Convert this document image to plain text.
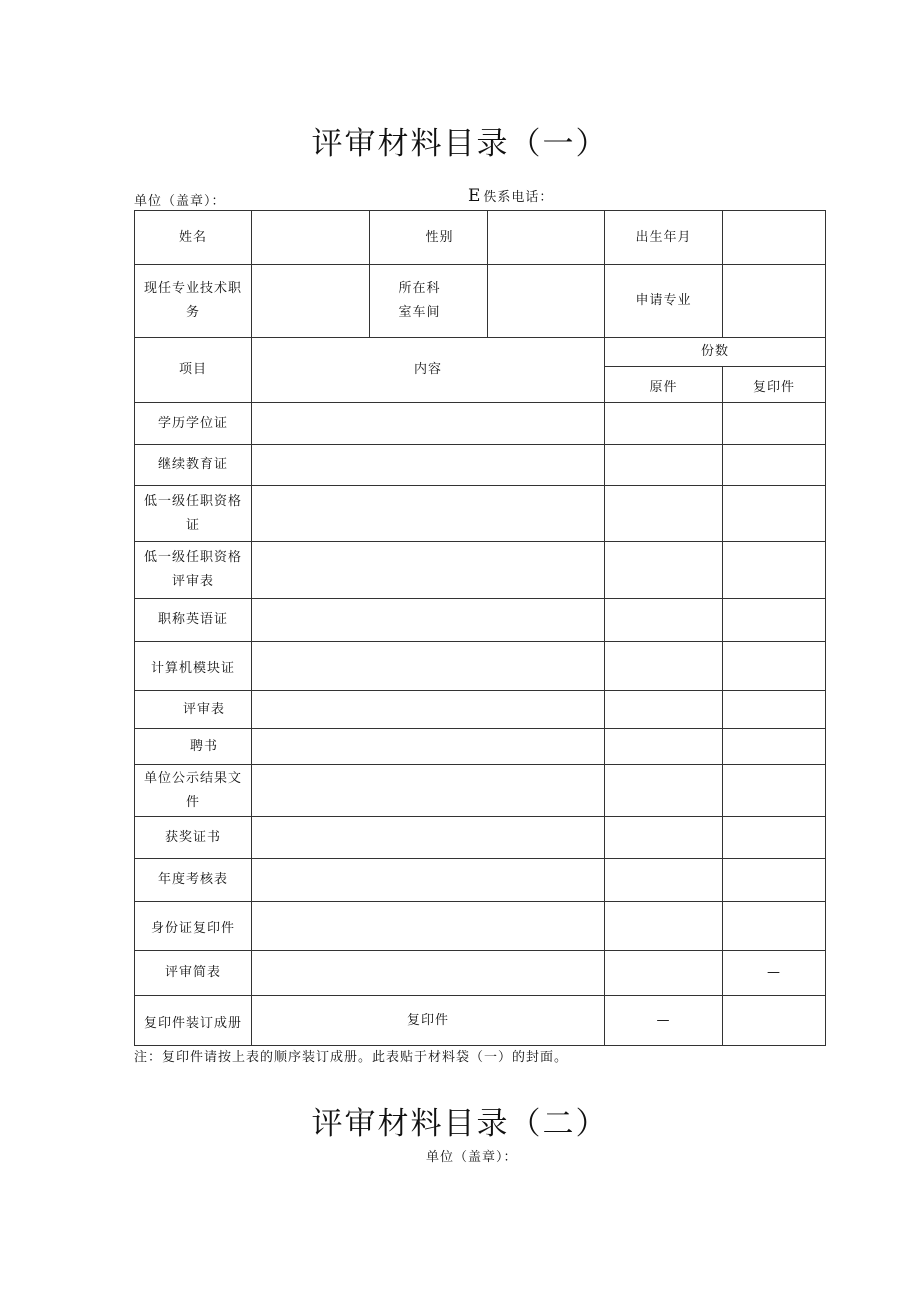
评审材料目录（一）
单位（盖章）：	E 佚系电话：
姓名		性别		出生年月	
现任专业技术职务		所在科室车间		申请专业	
项目	内容			份数	
				原件	复印件
学历学位证					
继续教育证					
低一级任职资格证					
低一级任职资格评审表					
职称英语证					
计算机模块证					
评审表					
聘书					
单位公示结果文件					
获奖证书					
年度考核表					
身份证复印件					
评审简表					—
复印件装订成册	复印件			—	
注：复印件请按上表的顺序装订成册。此表贴于材料袋（一）的封面。
评审材料目录（二）
单位（盖章）：
